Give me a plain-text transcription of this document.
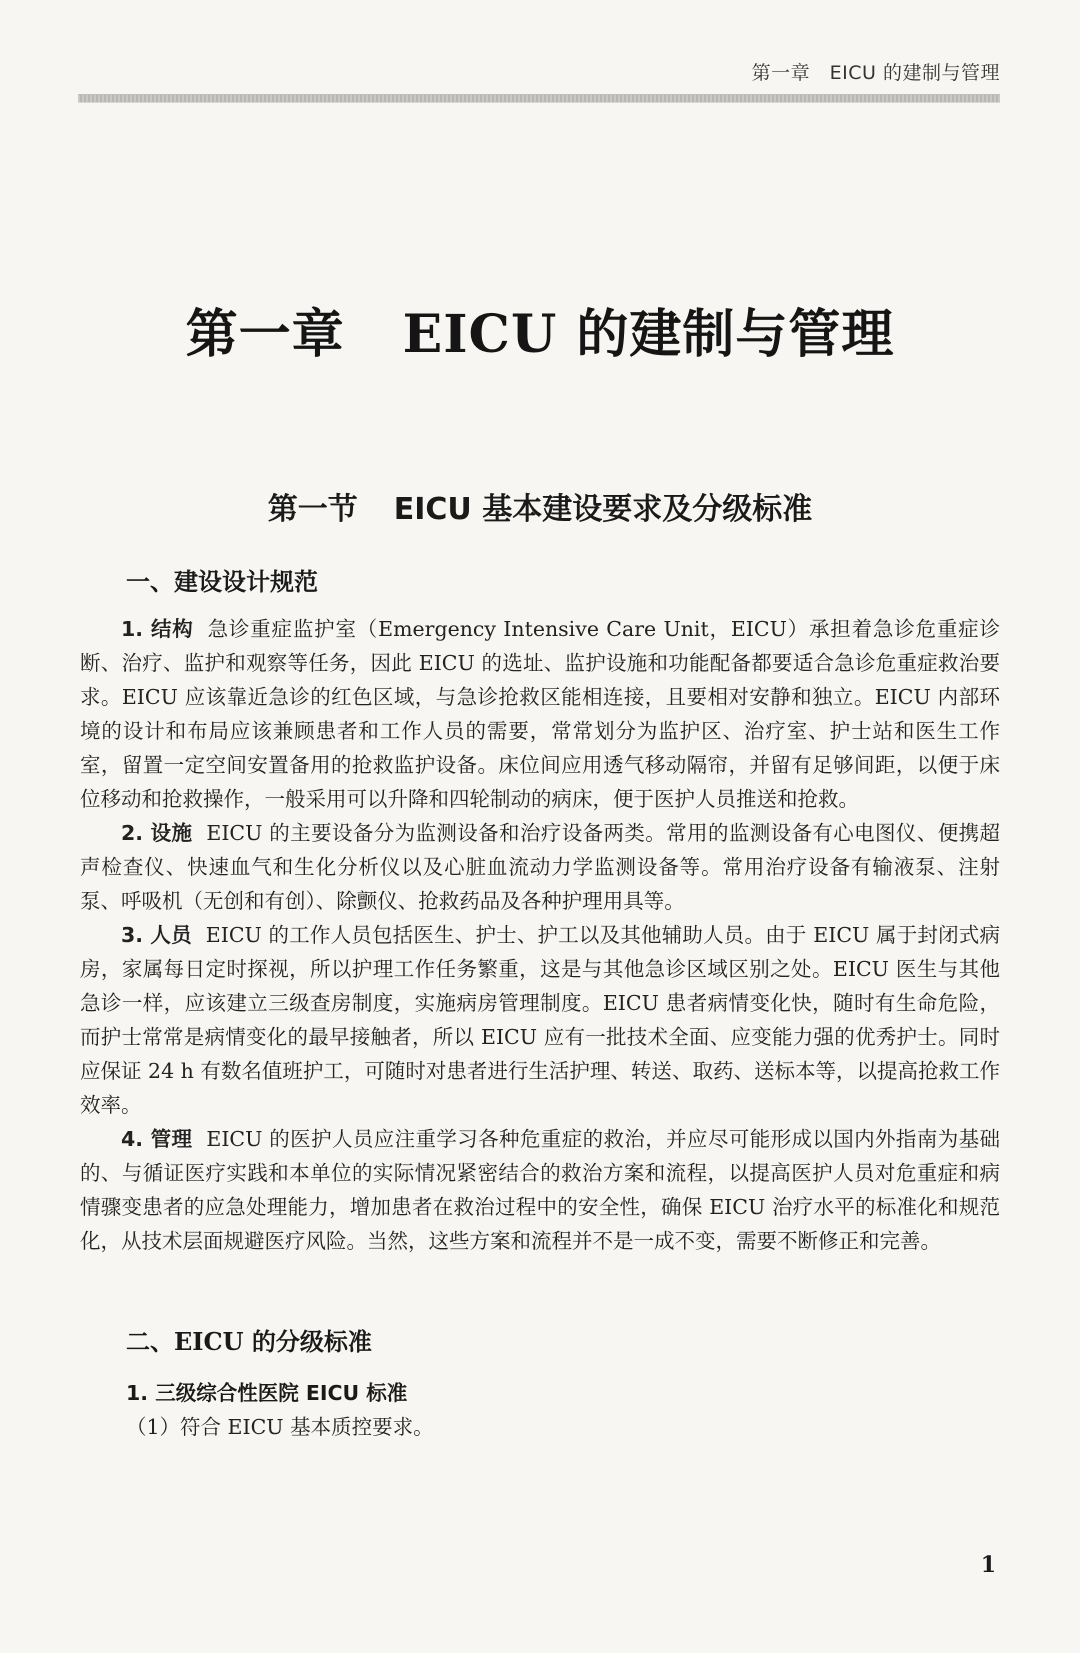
第一章　EICU 的建制与管理
第一章 EICU 的建制与管理
第一节 EICU 基本建设要求及分级标准
一、建设设计规范

1. 结构 急诊重症监护室（Emergency Intensive Care Unit，EICU）承担着急诊危重症诊断、治疗、监护和观察等任务，因此 EICU 的选址、监护设施和功能配备都要适合急诊危重症救治要求。EICU 应该靠近急诊的红色区域，与急诊抢救区能相连接，且要相对安静和独立。EICU 内部环境的设计和布局应该兼顾患者和工作人员的需要，常常划分为监护区、治疗室、护士站和医生工作室，留置一定空间安置备用的抢救监护设备。床位间应用透气移动隔帘，并留有足够间距，以便于床位移动和抢救操作，一般采用可以升降和四轮制动的病床，便于医护人员推送和抢救。

2. 设施 EICU 的主要设备分为监测设备和治疗设备两类。常用的监测设备有心电图仪、便携超声检查仪、快速血气和生化分析仪以及心脏血流动力学监测设备等。常用治疗设备有输液泵、注射泵、呼吸机（无创和有创）、除颤仪、抢救药品及各种护理用具等。

3. 人员 EICU 的工作人员包括医生、护士、护工以及其他辅助人员。由于 EICU 属于封闭式病房，家属每日定时探视，所以护理工作任务繁重，这是与其他急诊区域区别之处。EICU 医生与其他急诊一样，应该建立三级查房制度，实施病房管理制度。EICU 患者病情变化快，随时有生命危险，而护士常常是病情变化的最早接触者，所以 EICU 应有一批技术全面、应变能力强的优秀护士。同时应保证 24 h 有数名值班护工，可随时对患者进行生活护理、转送、取药、送标本等，以提高抢救工作效率。

4. 管理 EICU 的医护人员应注重学习各种危重症的救治，并应尽可能形成以国内外指南为基础的、与循证医疗实践和本单位的实际情况紧密结合的救治方案和流程，以提高医护人员对危重症和病情骤变患者的应急处理能力，增加患者在救治过程中的安全性，确保 EICU 治疗水平的标准化和规范化，从技术层面规避医疗风险。当然，这些方案和流程并不是一成不变，需要不断修正和完善。

二、EICU 的分级标准
1. 三级综合性医院 EICU 标准
（1）符合 EICU 基本质控要求。
1
